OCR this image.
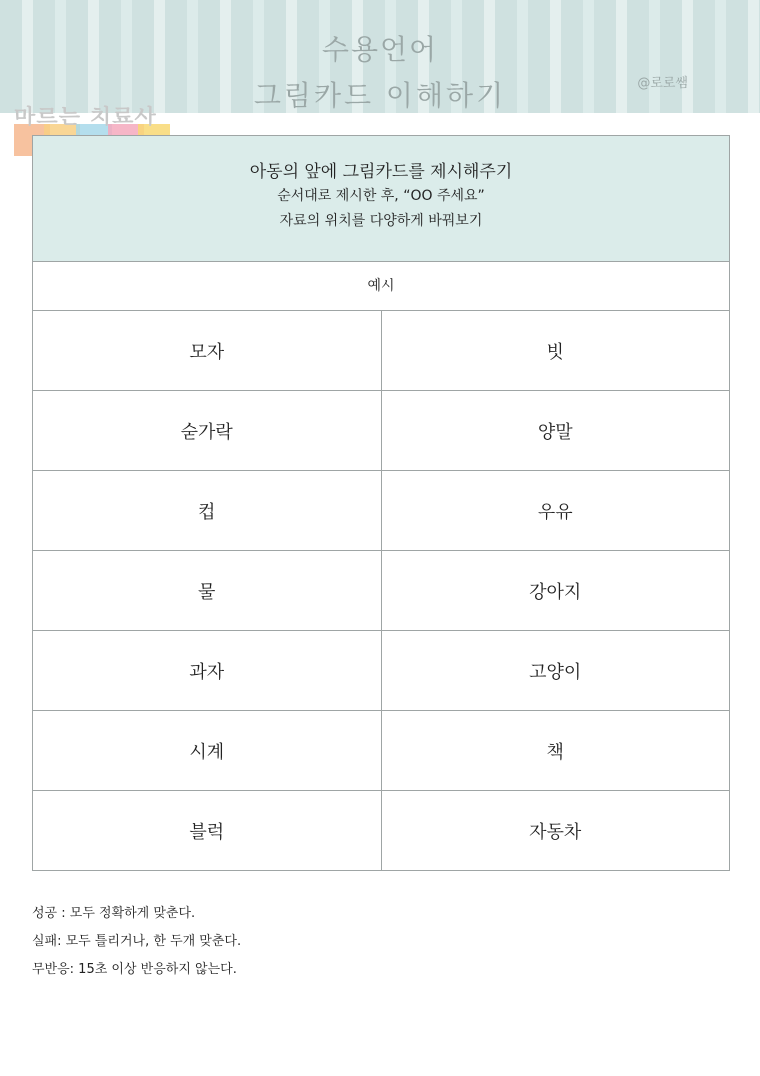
수용언어
그림카드 이해하기	@로로쌤
마르는 치료사
아동의 앞에 그림카드를 제시해주기
순서대로 제시한 후, “OO 주세요”
자료의 위치를 다양하게 바꿔보기
예시
모자	빗
숟가락	양말
컵	우유
물	강아지
과자	고양이
시계	책
블럭	자동차
성공 : 모두 정확하게 맞춘다.
실패: 모두 틀리거나, 한 두개 맞춘다.
무반응: 15초 이상 반응하지 않는다.
